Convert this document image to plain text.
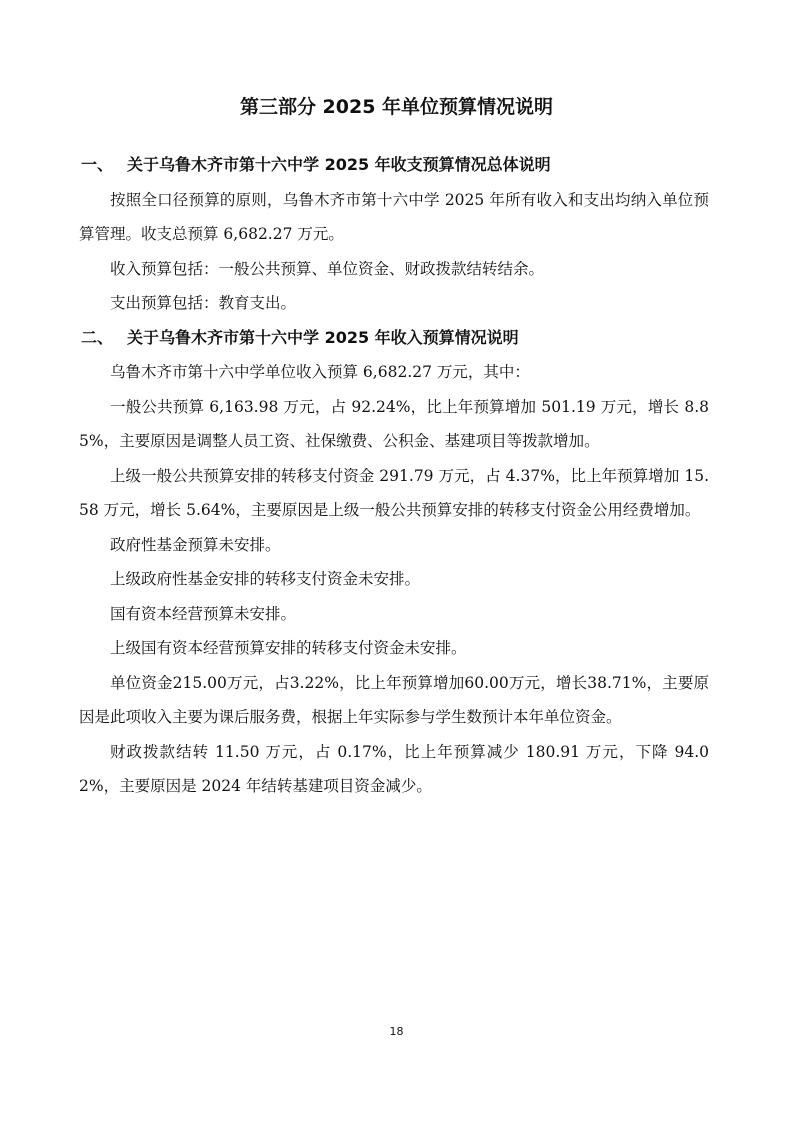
第三部分 2025 年单位预算情况说明

一、 关于乌鲁木齐市第十六中学 2025 年收支预算情况总体说明

按照全口径预算的原则，乌鲁木齐市第十六中学 2025 年所有收入和支出均纳入单位预算管理。收支总预算 6,682.27 万元。

收入预算包括：一般公共预算、单位资金、财政拨款结转结余。

支出预算包括：教育支出。

二、 关于乌鲁木齐市第十六中学 2025 年收入预算情况说明

乌鲁木齐市第十六中学单位收入预算 6,682.27 万元，其中：

一般公共预算 6,163.98 万元，占 92.24%，比上年预算增加 501.19 万元，增长 8.85%，主要原因是调整人员工资、社保缴费、公积金、基建项目等拨款增加。

上级一般公共预算安排的转移支付资金 291.79 万元，占 4.37%，比上年预算增加 15.58 万元，增长 5.64%，主要原因是上级一般公共预算安排的转移支付资金公用经费增加。

政府性基金预算未安排。

上级政府性基金安排的转移支付资金未安排。

国有资本经营预算未安排。

上级国有资本经营预算安排的转移支付资金未安排。

单位资金215.00万元，占3.22%，比上年预算增加60.00万元，增长38.71%，主要原因是此项收入主要为课后服务费，根据上年实际参与学生数预计本年单位资金。

财政拨款结转 11.50 万元，占 0.17%，比上年预算减少 180.91 万元，下降 94.02%，主要原因是 2024 年结转基建项目资金减少。

18
